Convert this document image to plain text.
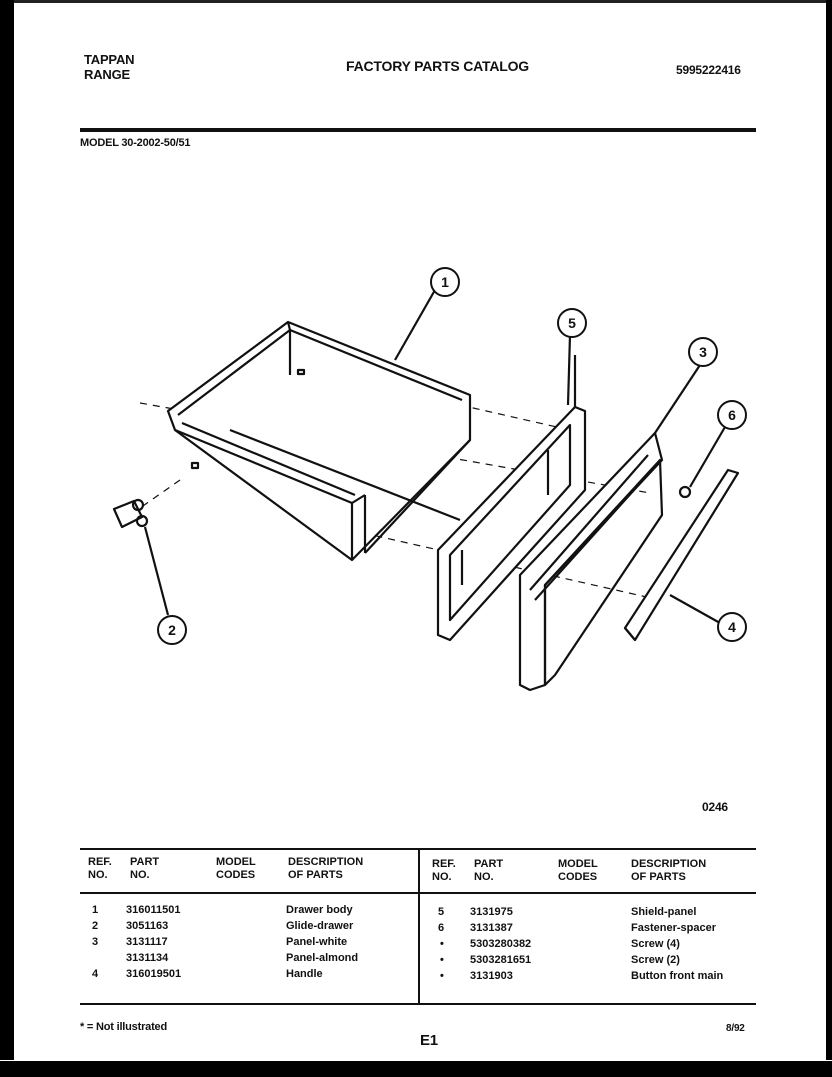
TAPPAN
RANGE
FACTORY PARTS CATALOG	5995222416
MODEL 30-2002-50/51
1
5
3
6
2	4
0246
REF. NO.
PART NO.
MODEL CODES
DESCRIPTION OF PARTS
REF. NO.
PART NO.
MODEL CODES
DESCRIPTION OF PARTS
1	316011501	Drawer body
2	3051163	Glide-drawer
3	3131117	Panel-white
3131134	Panel-almond
4	316019501	Handle
5 3131975	Shield-panel
6 3131387	Fastener-spacer
• 5303280382	Screw (4)
• 5303281651	Screw (2)
• 3131903	Button front main
* = Not illustrated
E1
8/92
